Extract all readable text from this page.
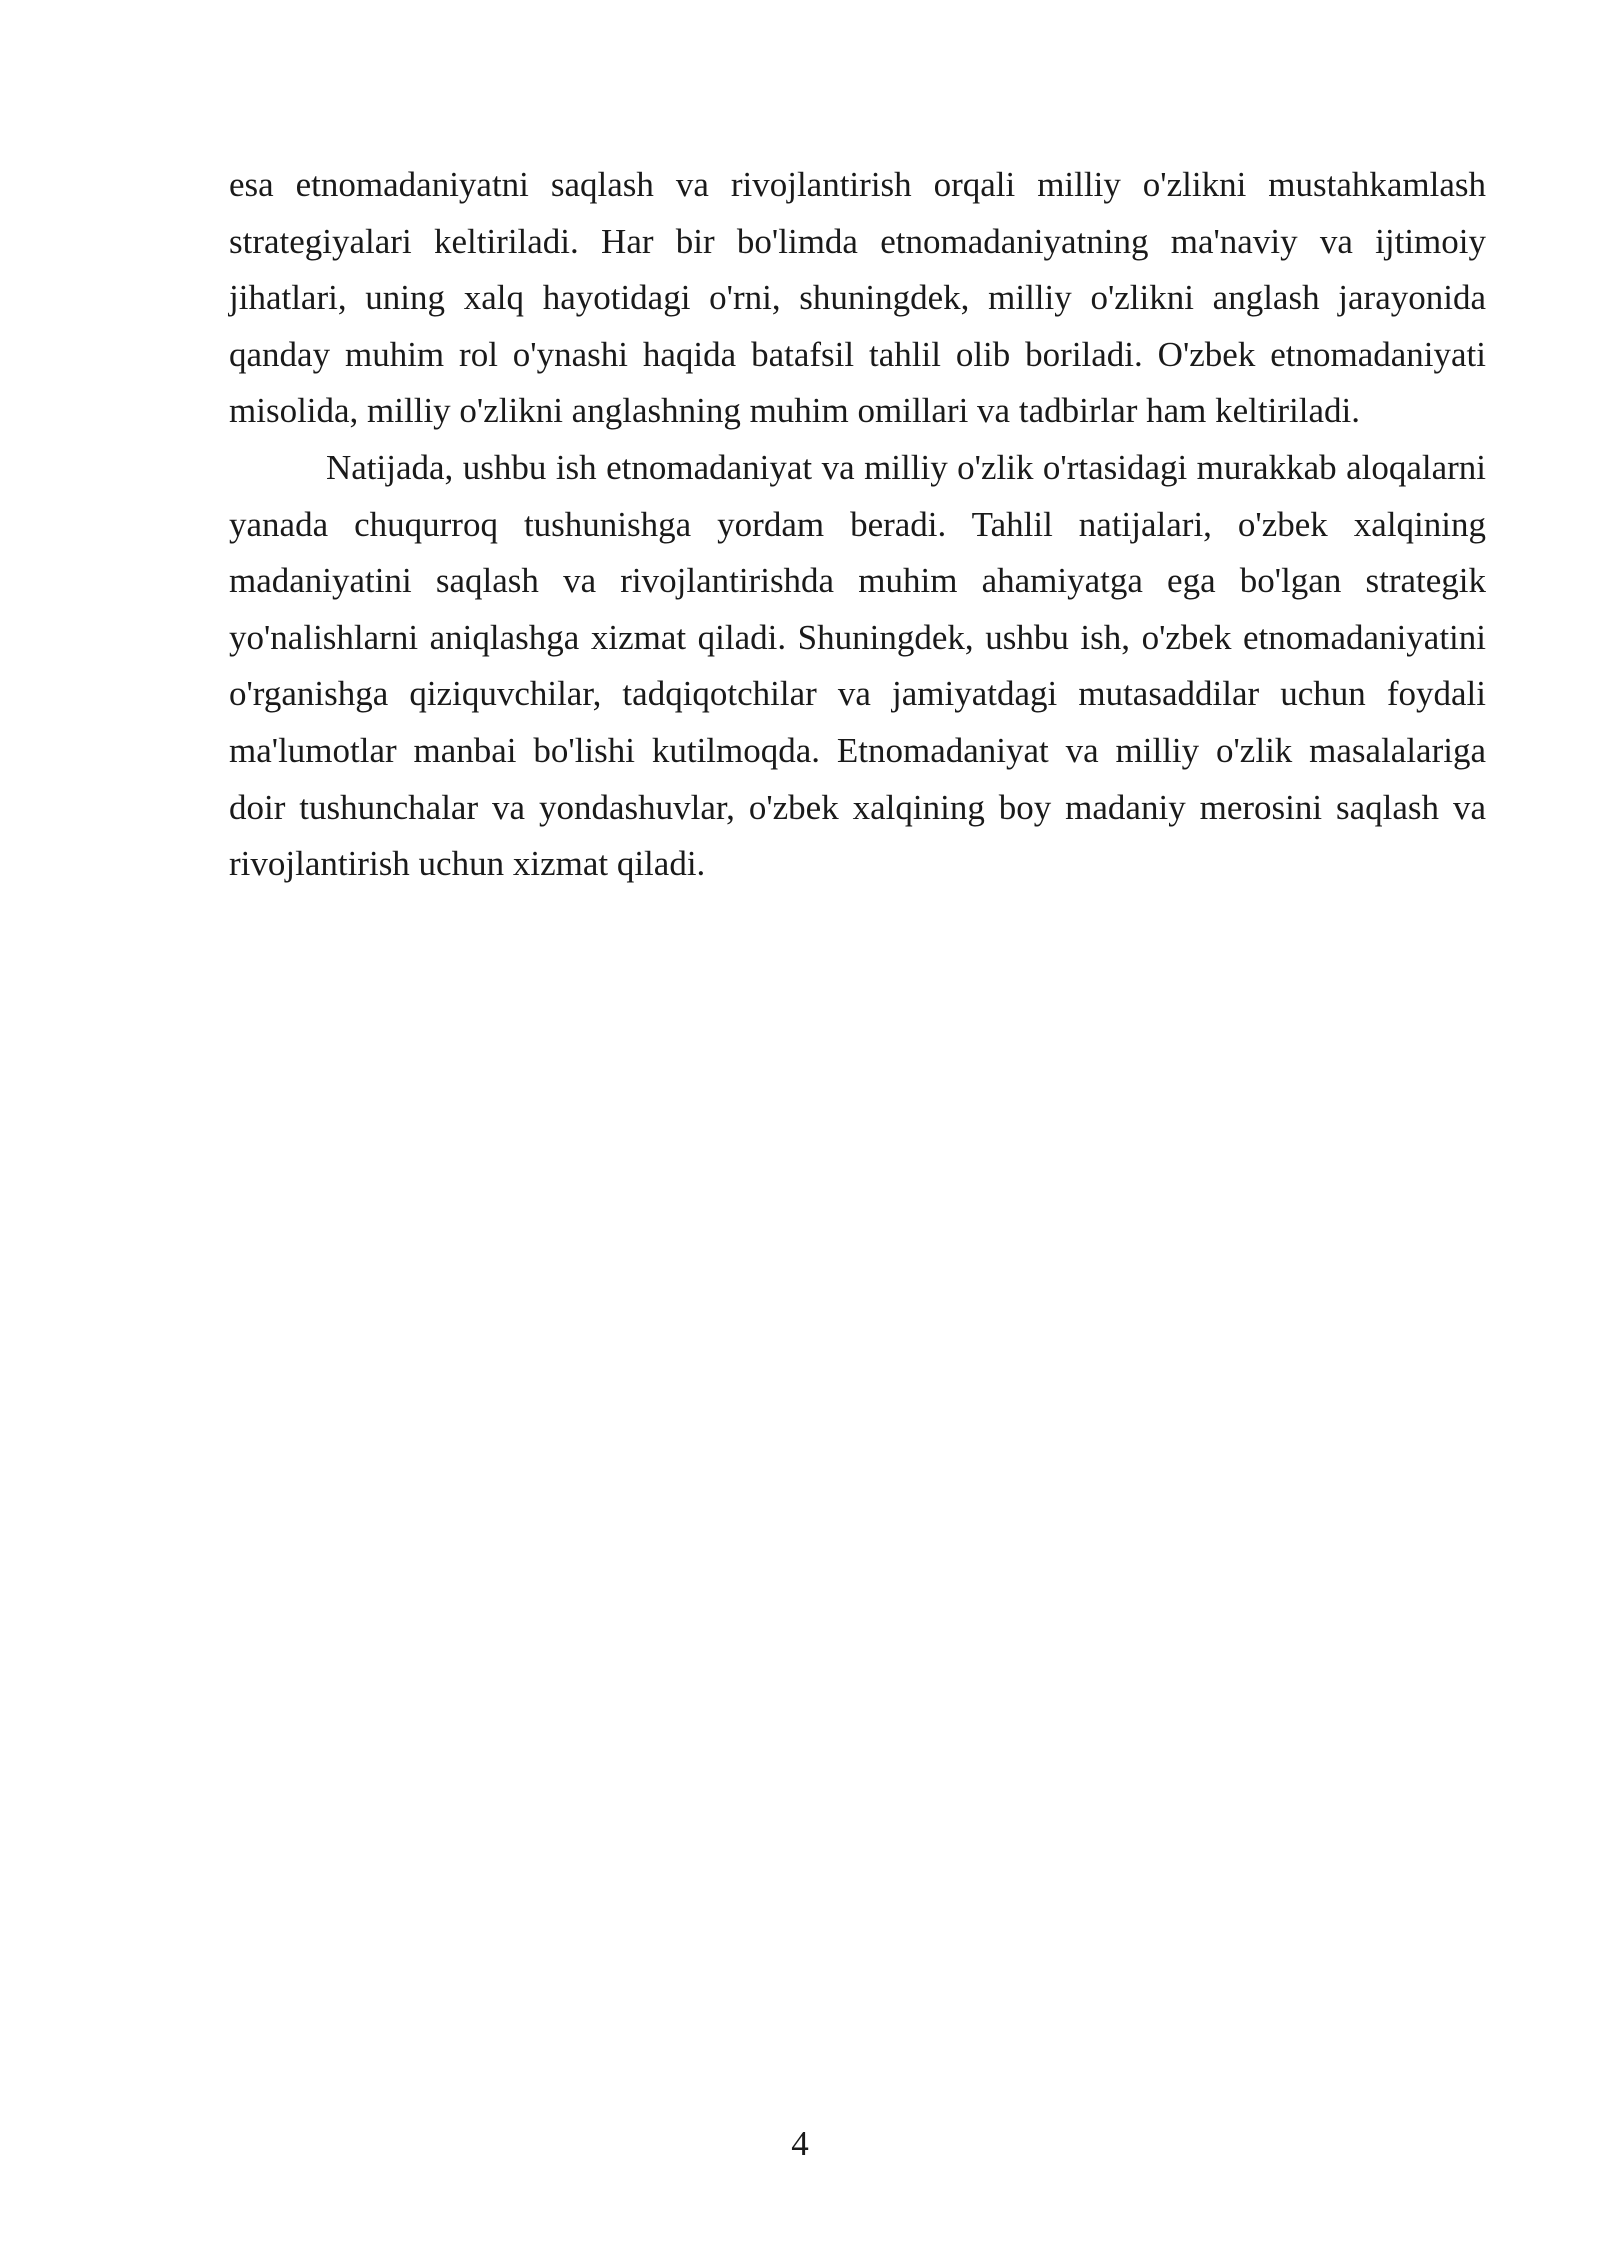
esa etnomadaniyatni saqlash va rivojlantirish orqali milliy o'zlikni mustahkamlash strategiyalari keltiriladi. Har bir bo'limda etnomadaniyatning ma'naviy va ijtimoiy jihatlari, uning xalq hayotidagi o'rni, shuningdek, milliy o'zlikni anglash jarayonida qanday muhim rol o'ynashi haqida batafsil tahlil olib boriladi. O'zbek etnomadaniyati misolida, milliy o'zlikni anglashning muhim omillari va tadbirlar ham keltiriladi.

Natijada, ushbu ish etnomadaniyat va milliy o'zlik o'rtasidagi murakkab aloqalarni yanada chuqurroq tushunishga yordam beradi. Tahlil natijalari, o'zbek xalqining madaniyatini saqlash va rivojlantirishda muhim ahamiyatga ega bo'lgan strategik yo'nalishlarni aniqlashga xizmat qiladi. Shuningdek, ushbu ish, o'zbek etnomadaniyatini o'rganishga qiziquvchilar, tadqiqotchilar va jamiyatdagi mutasaddilar uchun foydali ma'lumotlar manbai bo'lishi kutilmoqda. Etnomadaniyat va milliy o'zlik masalalariga doir tushunchalar va yondashuvlar, o'zbek xalqining boy madaniy merosini saqlash va rivojlantirish uchun xizmat qiladi.

4
